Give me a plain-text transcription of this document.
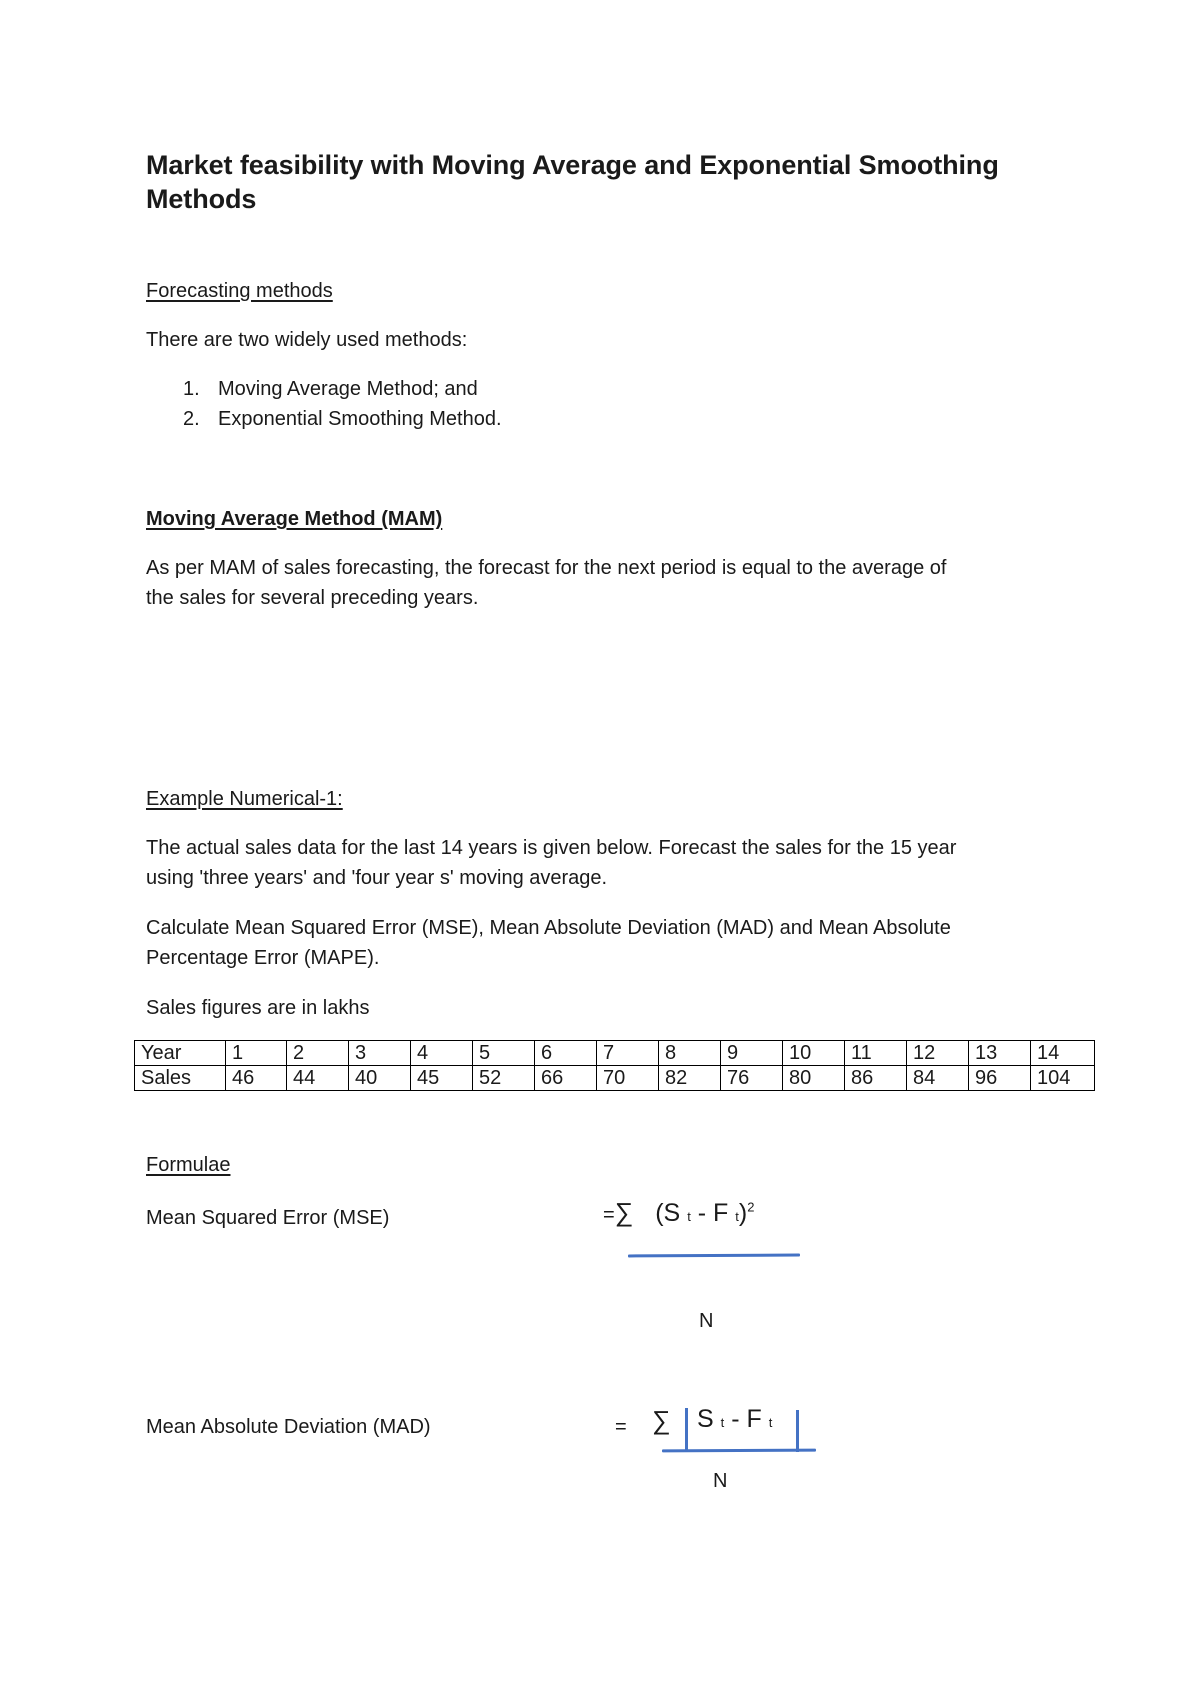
Market feasibility with Moving Average and Exponential Smoothing
Methods
Forecasting methods
There are two widely used methods:
1. Moving Average Method; and
2. Exponential Smoothing Method.
Moving Average Method (MAM)
As per MAM of sales forecasting, the forecast for the next period is equal to the average of
the sales for several preceding years.
Example Numerical-1:
The actual sales data for the last 14 years is given below. Forecast the sales for the 15 year
using 'three years' and 'four year s' moving average.
Calculate Mean Squared Error (MSE), Mean Absolute Deviation (MAD) and Mean Absolute
Percentage Error (MAPE).
Sales figures are in lakhs
Year	1	2	3	4	5	6	7	8	9	10	11	12	13	14
Sales	46	44	40	45	52	66	70	82	76	80	86	84	96	104
Formulae
Mean Squared Error (MSE)	=∑ (S t - F t)$^2$
N
Mean Absolute Deviation (MAD)	= ∑ S t - F t
N
